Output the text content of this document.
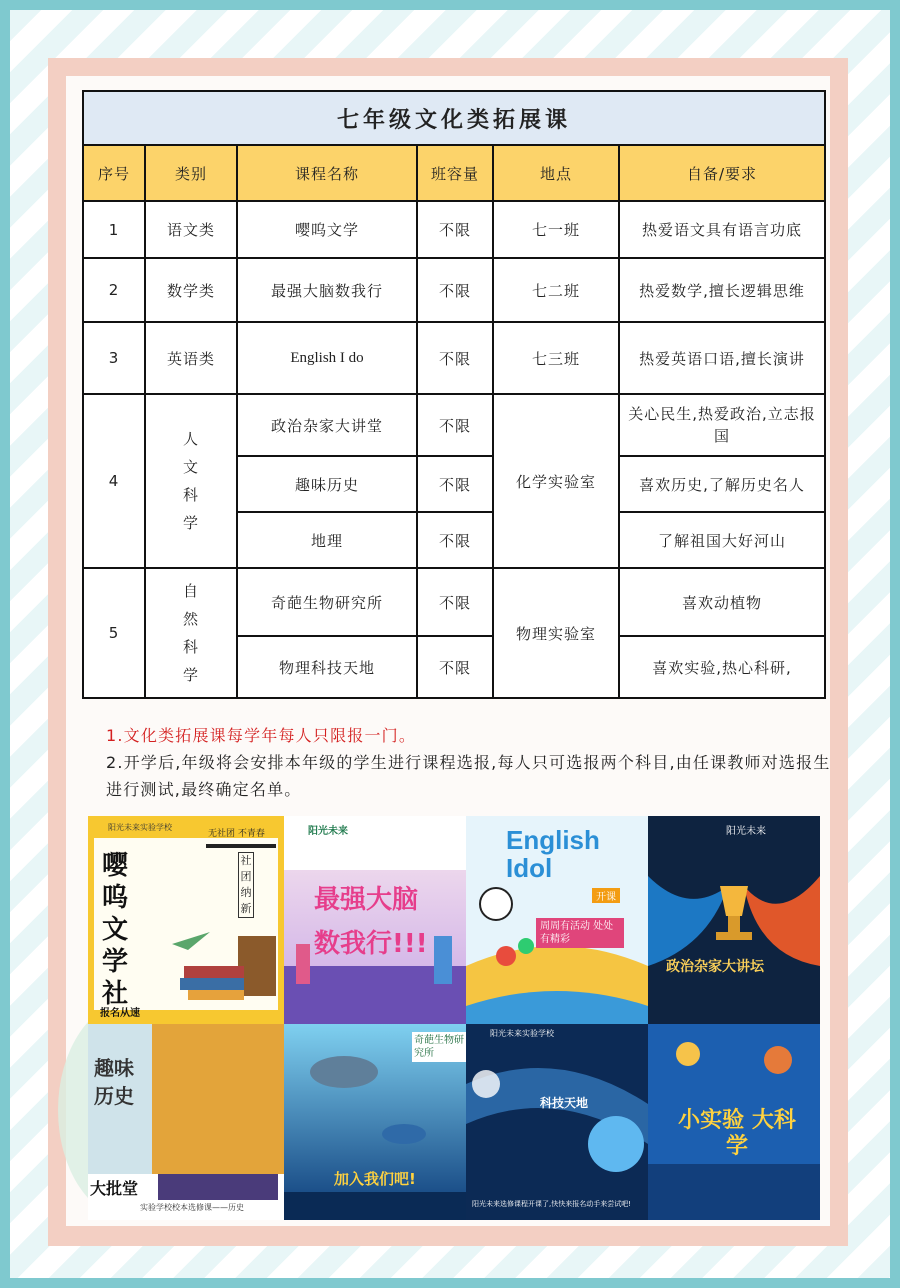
七年级文化类拓展课					
序号	类别	课程名称	班容量	地点	自备/要求
1	语文类	嘤呜文学	不限	七一班	热爱语文具有语言功底
2	数学类	最强大脑数我行	不限	七二班	热爱数学,擅长逻辑思维
3	英语类	English I do	不限	七三班	热爱英语口语,擅长演讲
4	人文科学	政治杂家大讲堂	不限	化学实验室	关心民生,热爱政治,立志报国
		趣味历史	不限		喜欢历史,了解历史名人
		地理	不限		了解祖国大好河山
5	自然科学	奇葩生物研究所	不限	物理实验室	喜欢动植物
		物理科技天地	不限		喜欢实验,热心科研,
1.文化类拓展课每学年每人只限报一门。
2.开学后,年级将会安排本年级的学生进行课程选报,每人只可选报两个科目,由任课教师对选报生进行测试,最终确定名单。
阳光未来实验学校
嘤呜文学社
无社团 不青春
社团纳新
报名从速
阳光未来
最强大脑数我行!!!
English Idol
开课
周周有活动 处处有精彩
阳光未来
政治杂家大讲坛
趣味历史
大批堂
实验学校校本选修课——历史
奇葩生物研究所
加入我们吧!
阳光未来实验学校
科技天地
阳光未来选修课程开课了,快快来报名动手来尝试吧!
小实验 大科学
